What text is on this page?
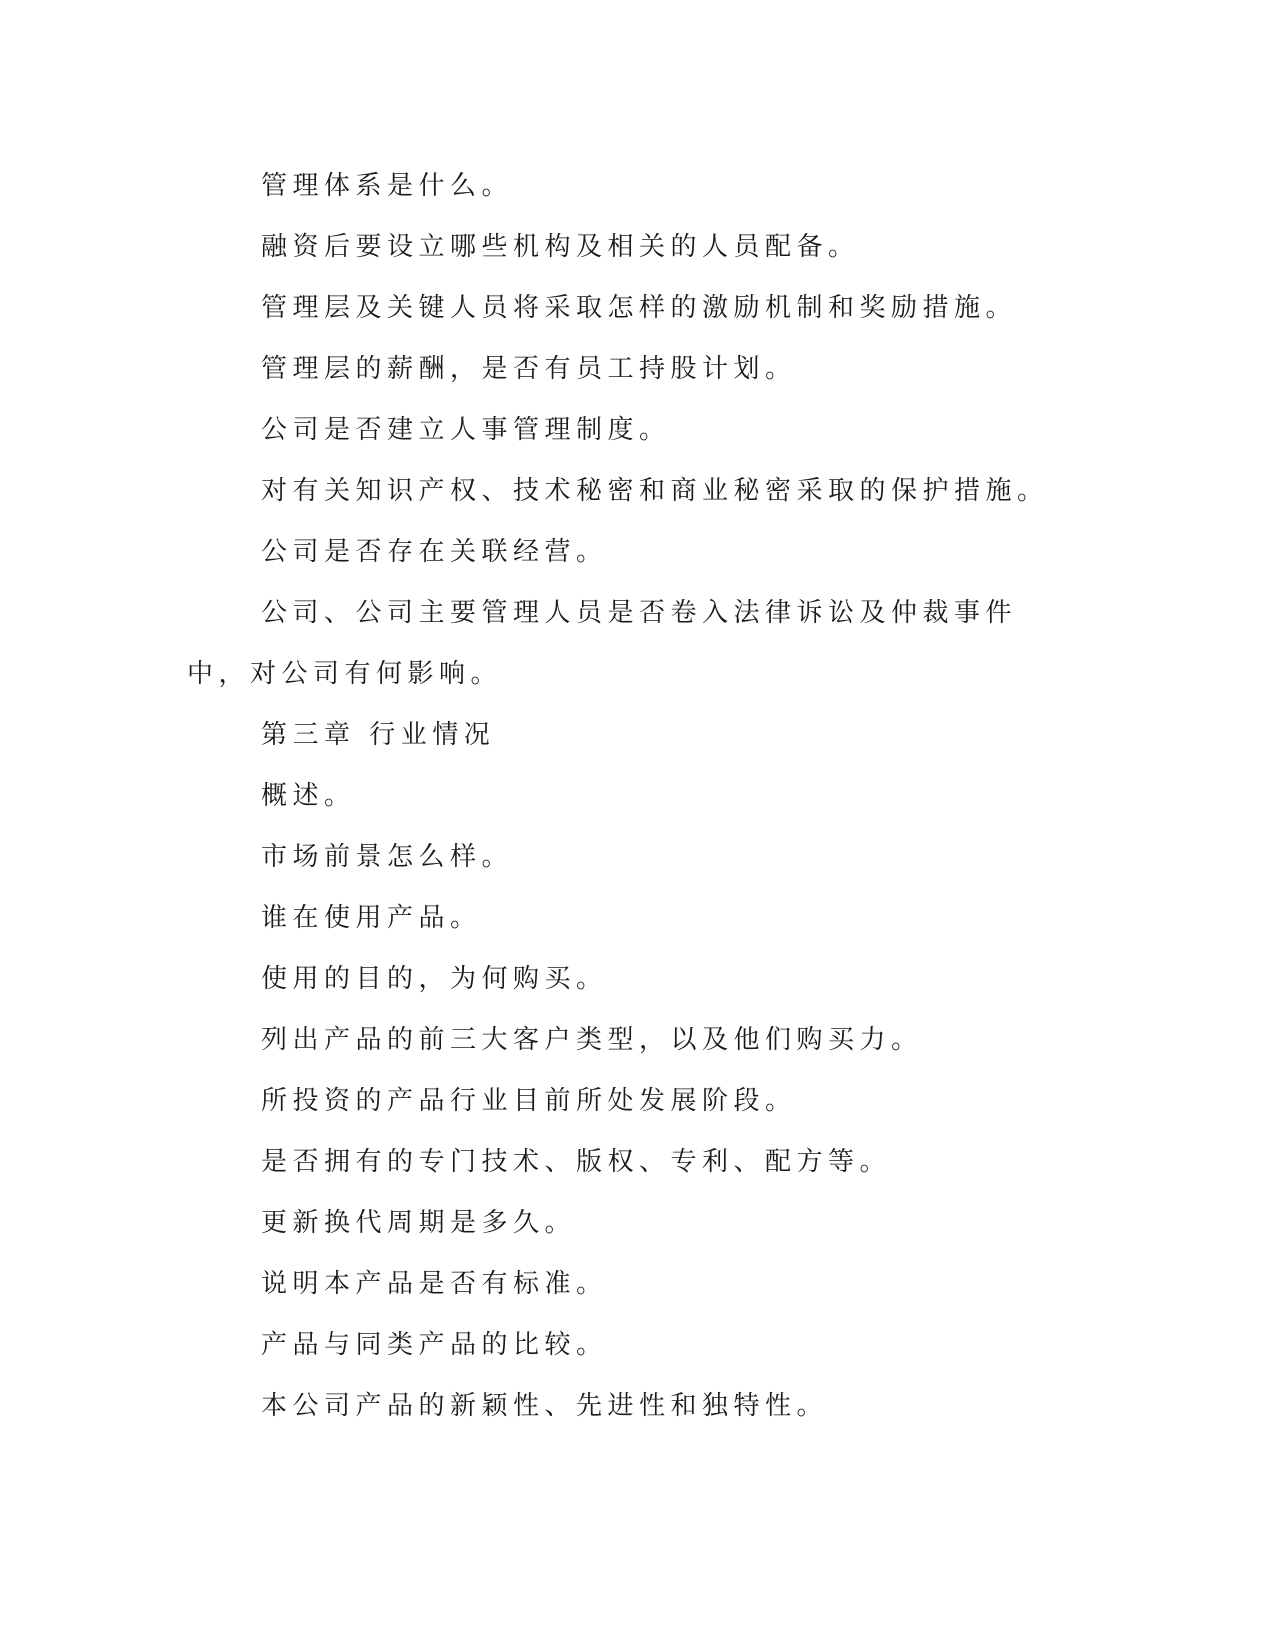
管理体系是什么。

融资后要设立哪些机构及相关的人员配备。

管理层及关键人员将采取怎样的激励机制和奖励措施。

管理层的薪酬，是否有员工持股计划。

公司是否建立人事管理制度。

对有关知识产权、技术秘密和商业秘密采取的保护措施。

公司是否存在关联经营。

公司、公司主要管理人员是否卷入法律诉讼及仲裁事件中，对公司有何影响。

第三章 行业情况

概述。

市场前景怎么样。

谁在使用产品。

使用的目的，为何购买。

列出产品的前三大客户类型，以及他们购买力。

所投资的产品行业目前所处发展阶段。

是否拥有的专门技术、版权、专利、配方等。

更新换代周期是多久。

说明本产品是否有标准。

产品与同类产品的比较。

本公司产品的新颖性、先进性和独特性。
